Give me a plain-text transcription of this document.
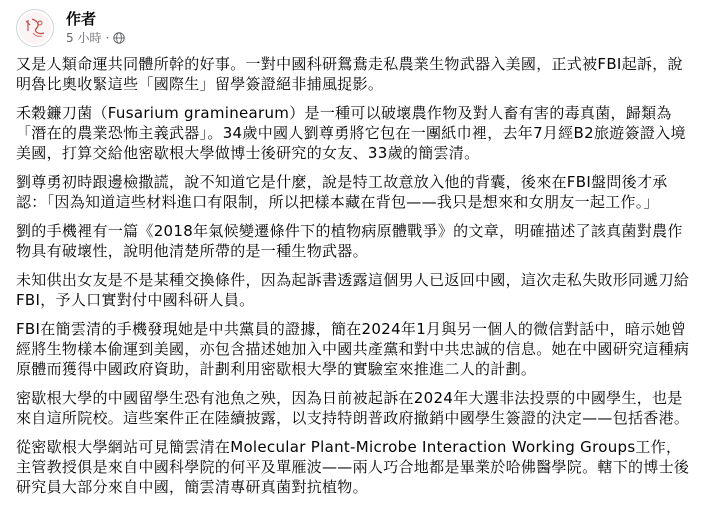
作者
5 小時 ·

又是人類命運共同體所幹的好事。一對中國科研鴛鴦走私農業生物武器入美國，正式被FBI起訴，說明魯比奧收緊這些「國際生」留學簽證絕非捕風捉影。

禾穀鐮刀菌（Fusarium graminearum）是一種可以破壞農作物及對人畜有害的毒真菌，歸類為「潛在的農業恐怖主義武器」。34歲中國人劉尊勇將它包在一團紙巾裡，去年7月經B2旅遊簽證入境美國，打算交給他密歇根大學做博士後研究的女友、33歲的簡雲清。

劉尊勇初時跟邊檢撒謊，說不知道它是什麼，說是特工故意放入他的背囊，後來在FBI盤問後才承認：「因為知道這些材料進口有限制，所以把樣本藏在背包——我只是想來和女朋友一起工作。」

劉的手機裡有一篇《2018年氣候變遷條件下的植物病原體戰爭》的文章，明確描述了該真菌對農作物具有破壞性，說明他清楚所帶的是一種生物武器。

未知供出女友是不是某種交換條件，因為起訴書透露這個男人已返回中國，這次走私失敗形同遞刀給FBI，予人口實對付中國科研人員。

FBI在簡雲清的手機發現她是中共黨員的證據，簡在2024年1月與另一個人的微信對話中，暗示她曾經將生物樣本偷運到美國，亦包含描述她加入中國共產黨和對中共忠誠的信息。她在中國研究這種病原體而獲得中國政府資助，計劃利用密歇根大學的實驗室來推進二人的計劃。

密歇根大學的中國留學生恐有池魚之殃，因為日前被起訴在2024年大選非法投票的中國學生，也是來自這所院校。這些案件正在陸續披露，以支持特朗普政府撤銷中國學生簽證的決定——包括香港。

從密歇根大學網站可見簡雲清在Molecular Plant-Microbe Interaction Working Groups工作，主管教授俱是來自中國科學院的何平及單雁波——兩人巧合地都是畢業於哈佛醫學院。轄下的博士後研究員大部分來自中國，簡雲清專研真菌對抗植物。
